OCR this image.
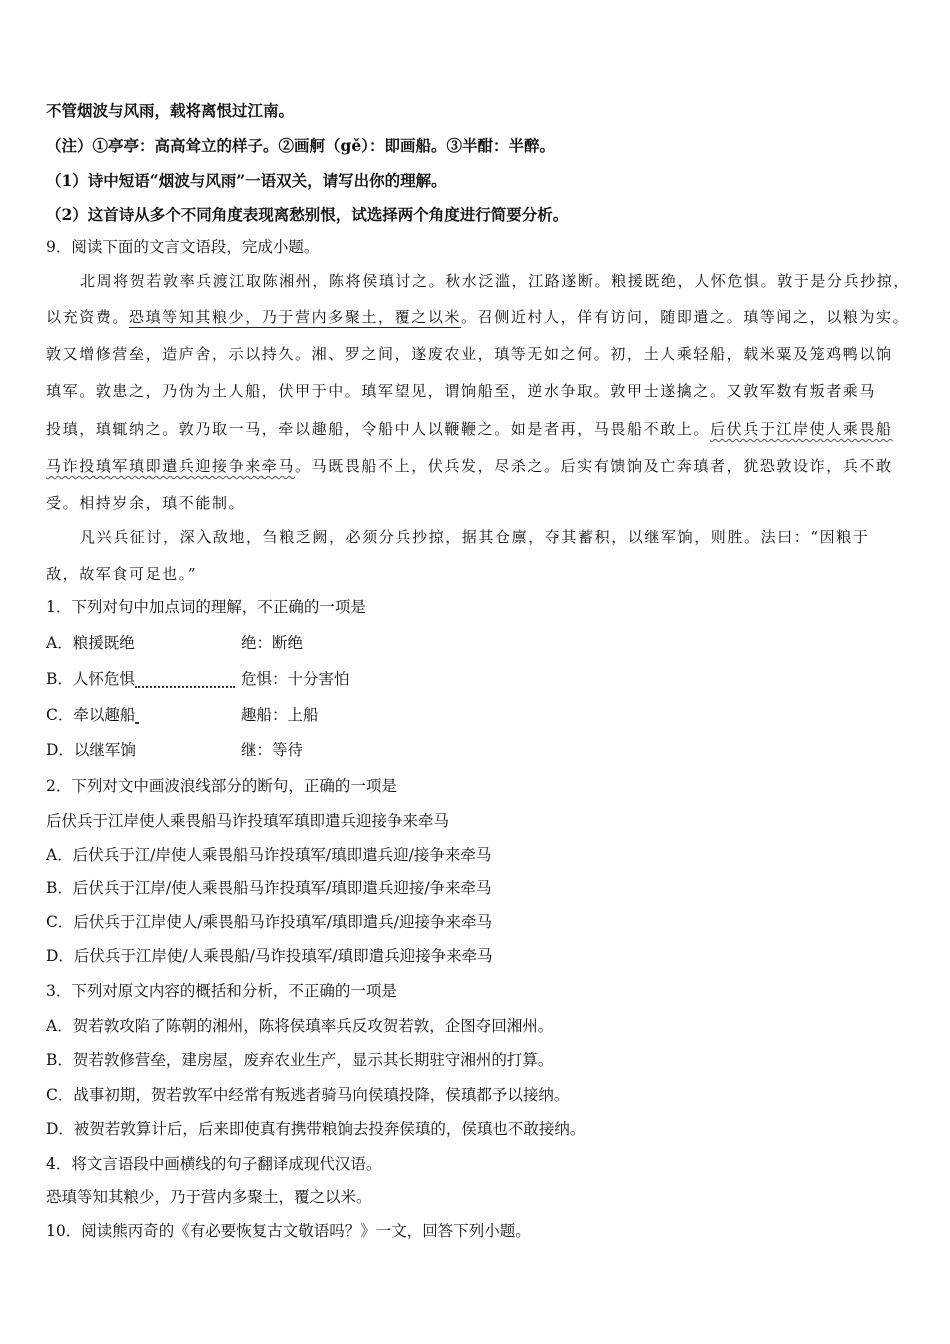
不管烟波与风雨，载将离恨过江南。
（注）①亭亭：高高耸立的样子。②画舸（gě）：即画船。③半酣：半醉。
（1）诗中短语“烟波与风雨”一语双关，请写出你的理解。
（2）这首诗从多个不同角度表现离愁别恨，试选择两个角度进行简要分析。
9．阅读下面的文言文语段，完成小题。
北周将贺若敦率兵渡江取陈湘州，陈将侯瑱讨之。秋水泛滥，江路遂断。粮援既绝，人怀危惧。敦于是分兵抄掠，
以充资费。恐瑱等知其粮少，乃于营内多聚土，覆之以米。召侧近村人，佯有访问，随即遣之。瑱等闻之，以粮为实。
敦又增修营垒，造庐舍，示以持久。湘、罗之间，遂废农业，瑱等无如之何。初，土人乘轻船，载米粟及笼鸡鸭以饷
瑱军。敦患之，乃伪为土人船，伏甲于中。瑱军望见，谓饷船至，逆水争取。敦甲士遂擒之。又敦军数有叛者乘马
投瑱，瑱辄纳之。敦乃取一马，牵以趣船，令船中人以鞭鞭之。如是者再，马畏船不敢上。后伏兵于江岸使人乘畏船
马诈投瑱军瑱即遣兵迎接争来牵马。马既畏船不上，伏兵发，尽杀之。后实有馈饷及亡奔瑱者，犹恐敦设诈，兵不敢
受。相持岁余，瑱不能制。
凡兴兵征讨，深入敌地，刍粮乏阙，必须分兵抄掠，据其仓廪，夺其蓄积，以继军饷，则胜。法曰：“因粮于
敌，故军食可足也。”
1．下列对句中加点词的理解，不正确的一项是
A．粮援既绝	绝：断绝
B．人怀危惧	危惧：十分害怕
C．牵以趣船	趣船：上船
D．以继军饷	继：等待
2．下列对文中画波浪线部分的断句，正确的一项是
后伏兵于江岸使人乘畏船马诈投瑱军瑱即遣兵迎接争来牵马
A．后伏兵于江/岸使人乘畏船马诈投瑱军/瑱即遣兵迎/接争来牵马
B．后伏兵于江岸/使人乘畏船马诈投瑱军/瑱即遣兵迎接/争来牵马
C．后伏兵于江岸使人/乘畏船马诈投瑱军/瑱即遣兵/迎接争来牵马
D．后伏兵于江岸使/人乘畏船/马诈投瑱军/瑱即遣兵迎接争来牵马
3．下列对原文内容的概括和分析，不正确的一项是
A．贺若敦攻陷了陈朝的湘州，陈将侯瑱率兵反攻贺若敦，企图夺回湘州。
B．贺若敦修营垒，建房屋，废弃农业生产，显示其长期驻守湘州的打算。
C．战事初期，贺若敦军中经常有叛逃者骑马向侯瑱投降，侯瑱都予以接纳。
D．被贺若敦算计后，后来即使真有携带粮饷去投奔侯瑱的，侯瑱也不敢接纳。
4．将文言语段中画横线的句子翻译成现代汉语。
恐瑱等知其粮少，乃于营内多聚土，覆之以米。
10．阅读熊丙奇的《有必要恢复古文敬语吗？》一文，回答下列小题。
